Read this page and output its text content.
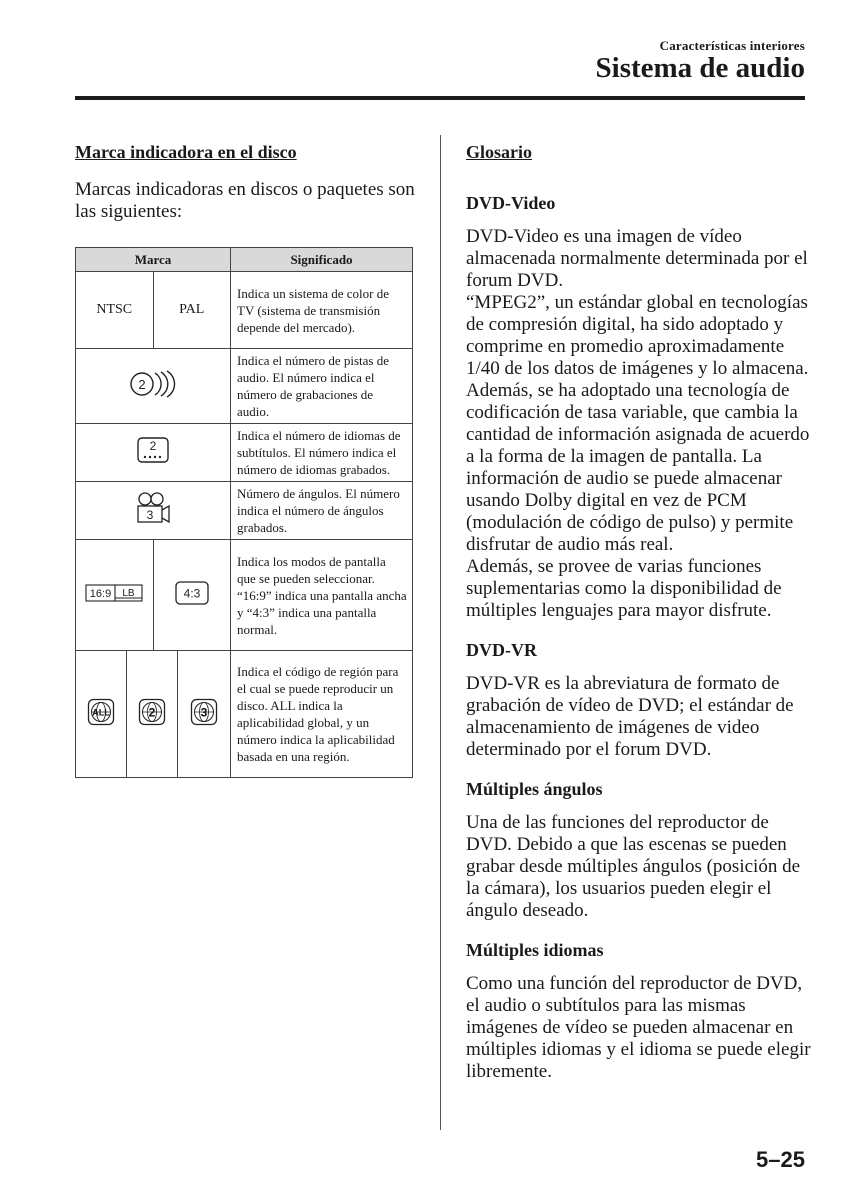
Características interiores
Sistema de audio
Marca indicadora en el disco

Marcas indicadoras en discos o paquetes son las siguientes:

Marca	Significado

NTSC	PAL
	Indica un sistema de color de TV (sistema de transmisión depende del mercado).

2
	Indica el número de pistas de audio. El número indica el número de grabaciones de audio.

2
	Indica el número de idiomas de subtítulos. El número indica el número de idiomas grabados.

3
	Número de ángulos. El número indica el número de ángulos grabados.

16:9 LB	4:3
	Indica los modos de pantalla que se pueden seleccionar. “16:9” indica una pantalla ancha y “4:3” indica una pantalla normal.

ALL	2	3
	Indica el código de región para el cual se puede reproducir un disco. ALL indica la aplicabilidad global, y un número indica la aplicabilidad basada en una región.
Glosario
DVD-Video

DVD-Video es una imagen de vídeo almacenada normalmente determinada por el forum DVD.
“MPEG2”, un estándar global en tecnologías de compresión digital, ha sido adoptado y comprime en promedio aproximadamente 1/40 de los datos de imágenes y lo almacena. Además, se ha adoptado una tecnología de codificación de tasa variable, que cambia la cantidad de información asignada de acuerdo a la forma de la imagen de pantalla. La información de audio se puede almacenar usando Dolby digital en vez de PCM (modulación de código de pulso) y permite disfrutar de audio más real.
Además, se provee de varias funciones suplementarias como la disponibilidad de múltiples lenguajes para mayor disfrute.

DVD-VR

DVD-VR es la abreviatura de formato de grabación de vídeo de DVD; el estándar de almacenamiento de imágenes de video determinado por el forum DVD.

Múltiples ángulos

Una de las funciones del reproductor de DVD. Debido a que las escenas se pueden grabar desde múltiples ángulos (posición de la cámara), los usuarios pueden elegir el ángulo deseado.

Múltiples idiomas

Como una función del reproductor de DVD, el audio o subtítulos para las mismas imágenes de vídeo se pueden almacenar en múltiples idiomas y el idioma se puede elegir libremente.

5–25
